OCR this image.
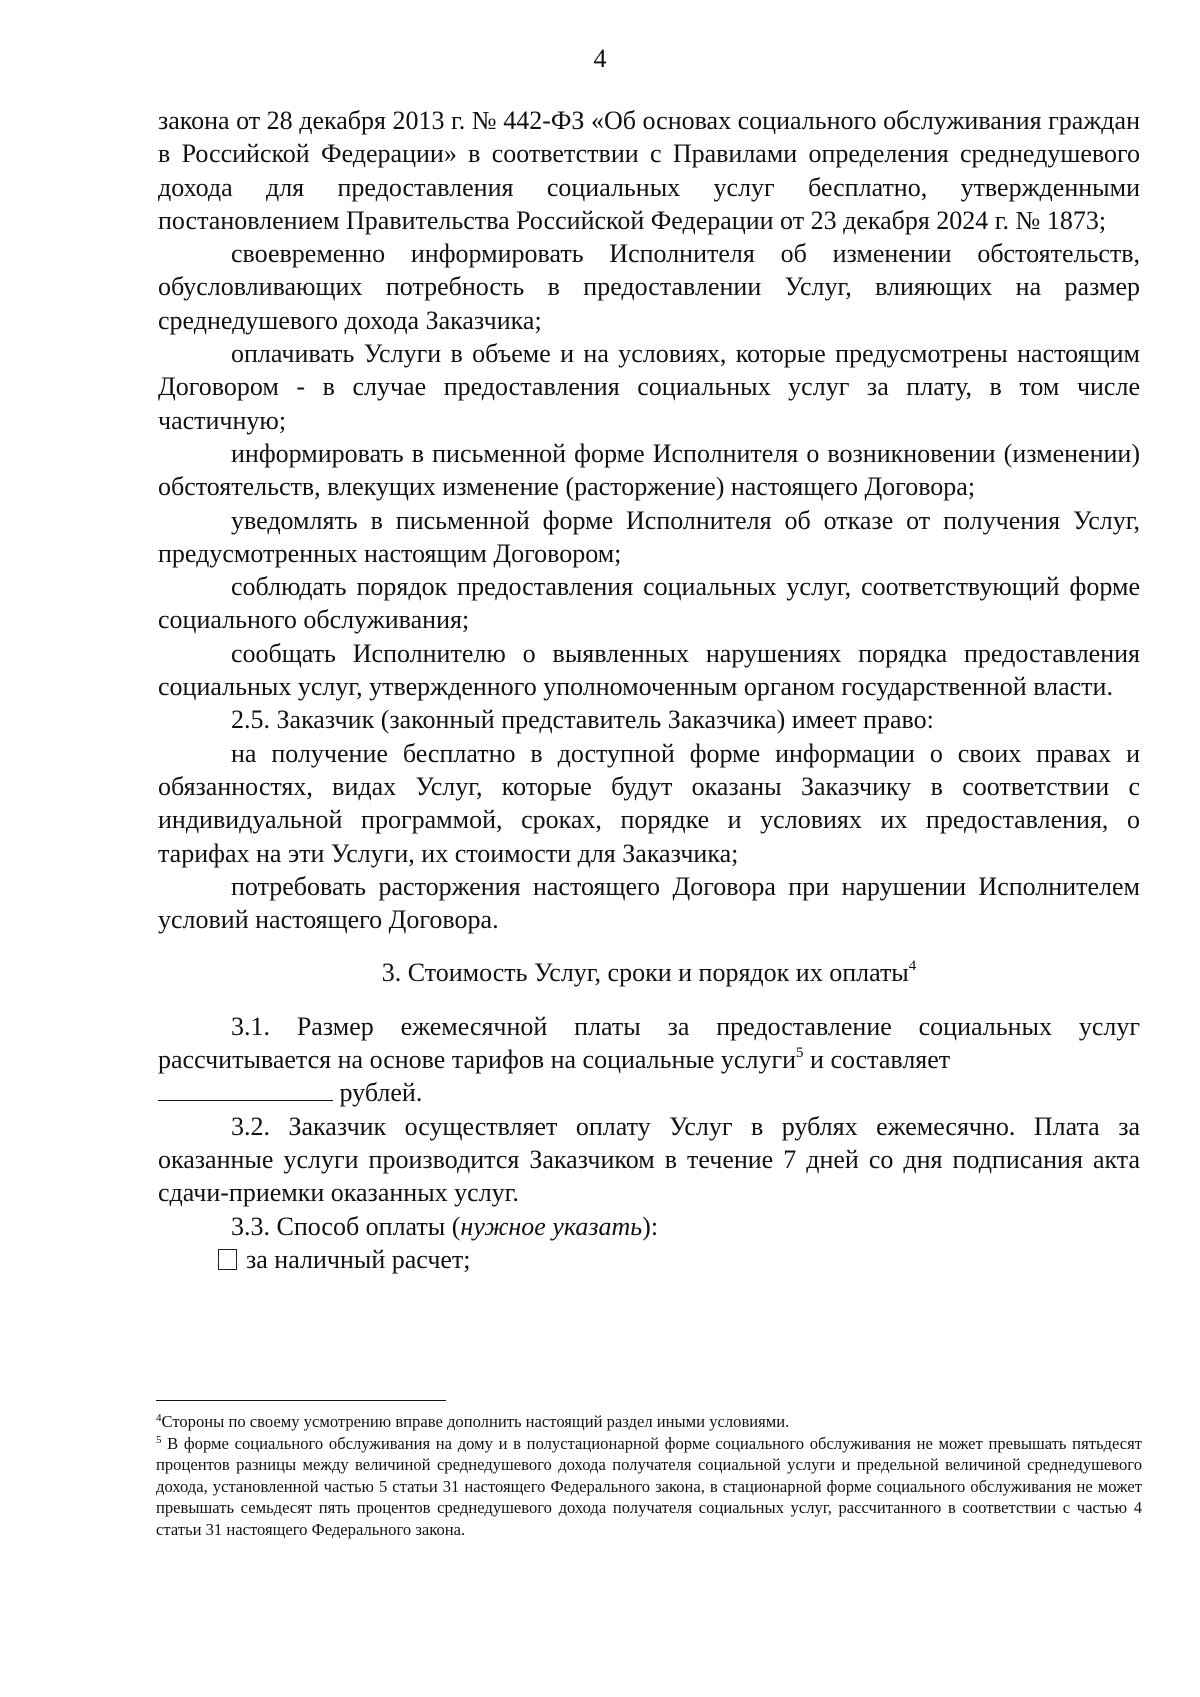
4

закона от 28 декабря 2013 г. № 442-ФЗ «Об основах социального обслуживания граждан в Российской Федерации» в соответствии с Правилами определения среднедушевого дохода для предоставления социальных услуг бесплатно, утвержденными постановлением Правительства Российской Федерации от 23 декабря 2024 г. № 1873;

своевременно информировать Исполнителя об изменении обстоятельств, обусловливающих потребность в предоставлении Услуг, влияющих на размер среднедушевого дохода Заказчика;

оплачивать Услуги в объеме и на условиях, которые предусмотрены настоящим Договором - в случае предоставления социальных услуг за плату, в том числе частичную;

информировать в письменной форме Исполнителя о возникновении (изменении) обстоятельств, влекущих изменение (расторжение) настоящего Договора;

уведомлять в письменной форме Исполнителя об отказе от получения Услуг, предусмотренных настоящим Договором;

соблюдать порядок предоставления социальных услуг, соответствующий форме социального обслуживания;

сообщать Исполнителю о выявленных нарушениях порядка предоставления социальных услуг, утвержденного уполномоченным органом государственной власти.

2.5. Заказчик (законный представитель Заказчика) имеет право:

на получение бесплатно в доступной форме информации о своих правах и обязанностях, видах Услуг, которые будут оказаны Заказчику в соответствии с индивидуальной программой, сроках, порядке и условиях их предоставления, о тарифах на эти Услуги, их стоимости для Заказчика;

потребовать расторжения настоящего Договора при нарушении Исполнителем условий настоящего Договора.

3. Стоимость Услуг, сроки и порядок их оплаты$^4$

3.1. Размер ежемесячной платы за предоставление социальных услуг рассчитывается на основе тарифов на социальные услуги$^5$ и составляет
рублей.

3.2. Заказчик осуществляет оплату Услуг в рублях ежемесячно. Плата за оказанные услуги производится Заказчиком в течение 7 дней со дня подписания акта сдачи-приемки оказанных услуг.

3.3. Способ оплаты (нужное указать):

за наличный расчет;

$^4$Стороны по своему усмотрению вправе дополнить настоящий раздел иными условиями.

$^5$ В форме социального обслуживания на дому и в полустационарной форме социального обслуживания не может превышать пятьдесят процентов разницы между величиной среднедушевого дохода получателя социальной услуги и предельной величиной среднедушевого дохода, установленной частью 5 статьи 31 настоящего Федерального закона, в стационарной форме социального обслуживания не может превышать семьдесят пять процентов среднедушевого дохода получателя социальных услуг, рассчитанного в соответствии с частью 4 статьи 31 настоящего Федерального закона.
